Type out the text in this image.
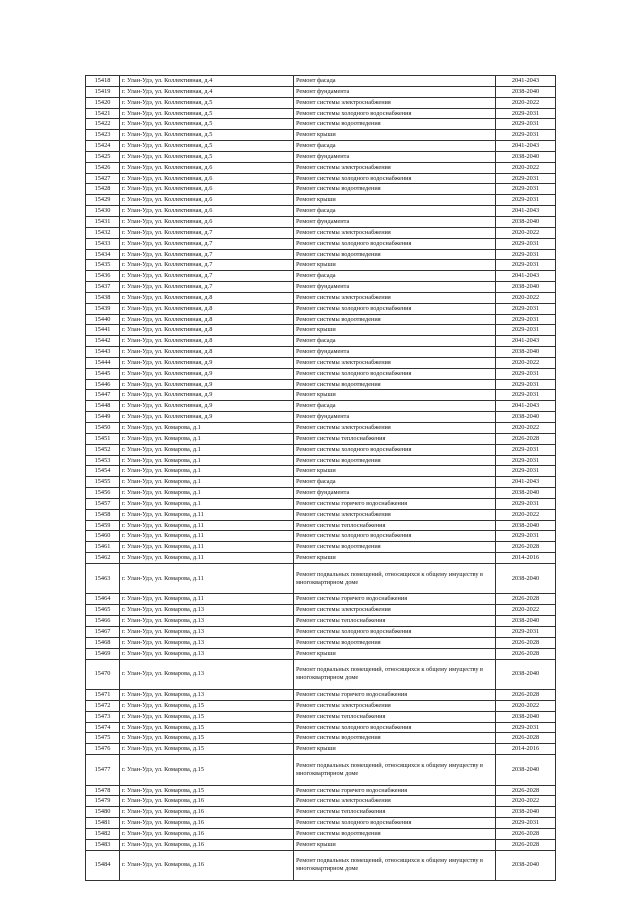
15418	г. Улан-Удэ, ул. Коллективная, д.4	Ремонт фасада	2041-2043
15419	г. Улан-Удэ, ул. Коллективная, д.4	Ремонт фундамента	2038-2040
15420	г. Улан-Удэ, ул. Коллективная, д.5	Ремонт системы электроснабжения	2020-2022
15421	г. Улан-Удэ, ул. Коллективная, д.5	Ремонт системы холодного водоснабжения	2029-2031
15422	г. Улан-Удэ, ул. Коллективная, д.5	Ремонт системы водоотведения	2029-2031
15423	г. Улан-Удэ, ул. Коллективная, д.5	Ремонт крыши	2029-2031
15424	г. Улан-Удэ, ул. Коллективная, д.5	Ремонт фасада	2041-2043
15425	г. Улан-Удэ, ул. Коллективная, д.5	Ремонт фундамента	2038-2040
15426	г. Улан-Удэ, ул. Коллективная, д.6	Ремонт системы электроснабжения	2020-2022
15427	г. Улан-Удэ, ул. Коллективная, д.6	Ремонт системы холодного водоснабжения	2029-2031
15428	г. Улан-Удэ, ул. Коллективная, д.6	Ремонт системы водоотведения	2029-2031
15429	г. Улан-Удэ, ул. Коллективная, д.6	Ремонт крыши	2029-2031
15430	г. Улан-Удэ, ул. Коллективная, д.6	Ремонт фасада	2041-2043
15431	г. Улан-Удэ, ул. Коллективная, д.6	Ремонт фундамента	2038-2040
15432	г. Улан-Удэ, ул. Коллективная, д.7	Ремонт системы электроснабжения	2020-2022
15433	г. Улан-Удэ, ул. Коллективная, д.7	Ремонт системы холодного водоснабжения	2029-2031
15434	г. Улан-Удэ, ул. Коллективная, д.7	Ремонт системы водоотведения	2029-2031
15435	г. Улан-Удэ, ул. Коллективная, д.7	Ремонт крыши	2029-2031
15436	г. Улан-Удэ, ул. Коллективная, д.7	Ремонт фасада	2041-2043
15437	г. Улан-Удэ, ул. Коллективная, д.7	Ремонт фундамента	2038-2040
15438	г. Улан-Удэ, ул. Коллективная, д.8	Ремонт системы электроснабжения	2020-2022
15439	г. Улан-Удэ, ул. Коллективная, д.8	Ремонт системы холодного водоснабжения	2029-2031
15440	г. Улан-Удэ, ул. Коллективная, д.8	Ремонт системы водоотведения	2029-2031
15441	г. Улан-Удэ, ул. Коллективная, д.8	Ремонт крыши	2029-2031
15442	г. Улан-Удэ, ул. Коллективная, д.8	Ремонт фасада	2041-2043
15443	г. Улан-Удэ, ул. Коллективная, д.8	Ремонт фундамента	2038-2040
15444	г. Улан-Удэ, ул. Коллективная, д.9	Ремонт системы электроснабжения	2020-2022
15445	г. Улан-Удэ, ул. Коллективная, д.9	Ремонт системы холодного водоснабжения	2029-2031
15446	г. Улан-Удэ, ул. Коллективная, д.9	Ремонт системы водоотведения	2029-2031
15447	г. Улан-Удэ, ул. Коллективная, д.9	Ремонт крыши	2029-2031
15448	г. Улан-Удэ, ул. Коллективная, д.9	Ремонт фасада	2041-2043
15449	г. Улан-Удэ, ул. Коллективная, д.9	Ремонт фундамента	2038-2040
15450	г. Улан-Удэ, ул. Комарова, д.1	Ремонт системы электроснабжения	2020-2022
15451	г. Улан-Удэ, ул. Комарова, д.1	Ремонт системы теплоснабжения	2026-2028
15452	г. Улан-Удэ, ул. Комарова, д.1	Ремонт системы холодного водоснабжения	2029-2031
15453	г. Улан-Удэ, ул. Комарова, д.1	Ремонт системы водоотведения	2029-2031
15454	г. Улан-Удэ, ул. Комарова, д.1	Ремонт крыши	2029-2031
15455	г. Улан-Удэ, ул. Комарова, д.1	Ремонт фасада	2041-2043
15456	г. Улан-Удэ, ул. Комарова, д.1	Ремонт фундамента	2038-2040
15457	г. Улан-Удэ, ул. Комарова, д.1	Ремонт системы горячего водоснабжения	2029-2031
15458	г. Улан-Удэ, ул. Комарова, д.11	Ремонт системы электроснабжения	2020-2022
15459	г. Улан-Удэ, ул. Комарова, д.11	Ремонт системы теплоснабжения	2038-2040
15460	г. Улан-Удэ, ул. Комарова, д.11	Ремонт системы холодного водоснабжения	2029-2031
15461	г. Улан-Удэ, ул. Комарова, д.11	Ремонт системы водоотведения	2026-2028
15462	г. Улан-Удэ, ул. Комарова, д.11	Ремонт крыши	2014-2016
15463	г. Улан-Удэ, ул. Комарова, д.11	Ремонт подвальных помещений, относящихся к общему имуществу в многоквартирном доме	2038-2040
15464	г. Улан-Удэ, ул. Комарова, д.11	Ремонт системы горячего водоснабжения	2026-2028
15465	г. Улан-Удэ, ул. Комарова, д.13	Ремонт системы электроснабжения	2020-2022
15466	г. Улан-Удэ, ул. Комарова, д.13	Ремонт системы теплоснабжения	2038-2040
15467	г. Улан-Удэ, ул. Комарова, д.13	Ремонт системы холодного водоснабжения	2029-2031
15468	г. Улан-Удэ, ул. Комарова, д.13	Ремонт системы водоотведения	2026-2028
15469	г. Улан-Удэ, ул. Комарова, д.13	Ремонт крыши	2026-2028
15470	г. Улан-Удэ, ул. Комарова, д.13	Ремонт подвальных помещений, относящихся к общему имуществу в многоквартирном доме	2038-2040
15471	г. Улан-Удэ, ул. Комарова, д.13	Ремонт системы горячего водоснабжения	2026-2028
15472	г. Улан-Удэ, ул. Комарова, д.15	Ремонт системы электроснабжения	2020-2022
15473	г. Улан-Удэ, ул. Комарова, д.15	Ремонт системы теплоснабжения	2038-2040
15474	г. Улан-Удэ, ул. Комарова, д.15	Ремонт системы холодного водоснабжения	2029-2031
15475	г. Улан-Удэ, ул. Комарова, д.15	Ремонт системы водоотведения	2026-2028
15476	г. Улан-Удэ, ул. Комарова, д.15	Ремонт крыши	2014-2016
15477	г. Улан-Удэ, ул. Комарова, д.15	Ремонт подвальных помещений, относящихся к общему имуществу в многоквартирном доме	2038-2040
15478	г. Улан-Удэ, ул. Комарова, д.15	Ремонт системы горячего водоснабжения	2026-2028
15479	г. Улан-Удэ, ул. Комарова, д.16	Ремонт системы электроснабжения	2020-2022
15480	г. Улан-Удэ, ул. Комарова, д.16	Ремонт системы теплоснабжения	2038-2040
15481	г. Улан-Удэ, ул. Комарова, д.16	Ремонт системы холодного водоснабжения	2029-2031
15482	г. Улан-Удэ, ул. Комарова, д.16	Ремонт системы водоотведения	2026-2028
15483	г. Улан-Удэ, ул. Комарова, д.16	Ремонт крыши	2026-2028
15484	г. Улан-Удэ, ул. Комарова, д.16	Ремонт подвальных помещений, относящихся к общему имуществу в многоквартирном доме	2038-2040
